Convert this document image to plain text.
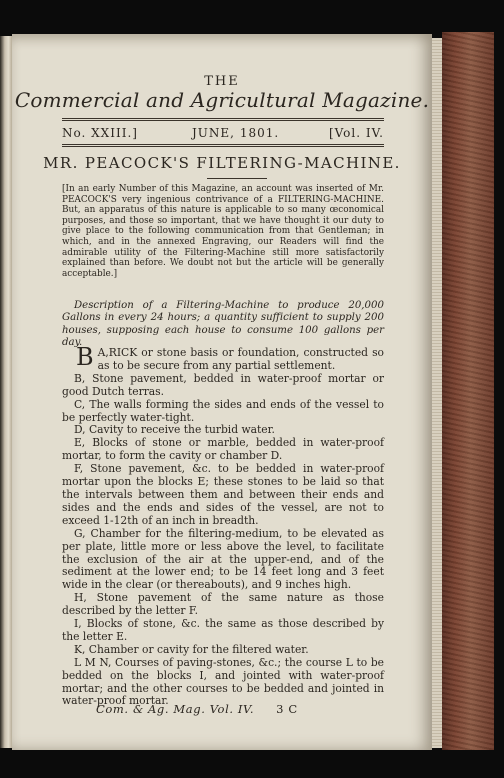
THE
Commercial and Agricultural Magazine.
No. XXIII.]	JUNE, 1801.	[Vol. IV.
MR. PEACOCK'S FILTERING-MACHINE.

[In an early Number of this Magazine, an account was inserted of Mr. PEACOCK'S very ingenious contrivance of a FILTERING-MACHINE. But, an apparatus of this nature is applicable to so many œconomical purposes, and those so important, that we have thought it our duty to give place to the following communication from that Gentleman; in which, and in the annexed Engraving, our Readers will find the admirable utility of the Filtering-Machine still more satisfactorily explained than before. We doubt not but the article will be generally acceptable.]

Description of a Filtering-Machine to produce 20,000 Gallons in every 24 hours; a quantity sufficient to supply 200 houses, supposing each house to consume 100 gallons per day.

A,
B RICK or stone basis or foundation, constructed so as to be secure from any partial settlement.

B, Stone pavement, bedded in water-proof mortar or good Dutch terras.

C, The walls forming the sides and ends of the vessel to be perfectly water-tight.

D, Cavity to receive the turbid water.

E, Blocks of stone or marble, bedded in water-proof mortar, to form the cavity or chamber D.

F, Stone pavement, &c. to be bedded in water-proof mortar upon the blocks E; these stones to be laid so that the intervals between them and between their ends and sides and the ends and sides of the vessel, are not to exceed 1-12th of an inch in breadth.

G, Chamber for the filtering-medium, to be elevated as per plate, little more or less above the level, to facilitate the exclusion of the air at the upper-end, and of the sediment at the lower end; to be 14 feet long and 3 feet wide in the clear (or thereabouts), and 9 inches high.

H, Stone pavement of the same nature as those described by the letter F.

I, Blocks of stone, &c. the same as those described by the letter E.

K, Chamber or cavity for the filtered water.

L M N, Courses of paving-stones, &c.; the course L to be bedded on the blocks I, and jointed with water-proof mortar; and the other courses to be bedded and jointed in water-proof mortar.

Com. & Ag. Mag. Vol. IV. 3 C
